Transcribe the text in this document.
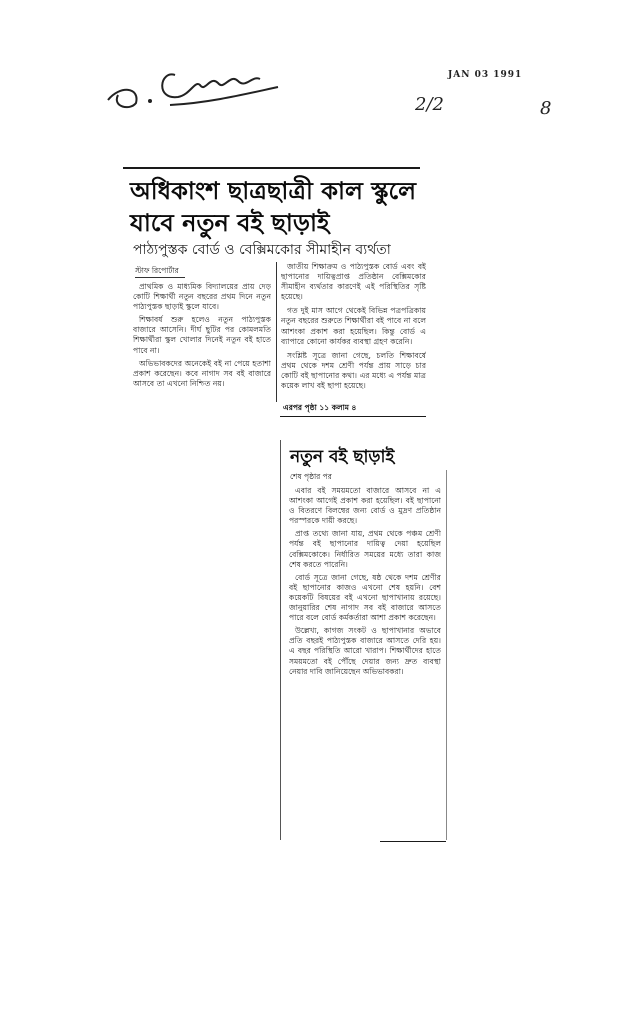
JAN 03 1991
2/2	8
অধিকাংশ ছাত্রছাত্রী কাল স্কুলে
যাবে নতুন বই ছাড়াই
পাঠ্যপুস্তক বোর্ড ও বেক্সিমকোর সীমাহীন ব্যর্থতা
স্টাফ রিপোর্টার

প্রাথমিক ও মাধ্যমিক বিদ্যালয়ের প্রায় দেড় কোটি শিক্ষার্থী নতুন বছরের প্রথম দিনে নতুন পাঠ্যপুস্তক ছাড়াই স্কুলে যাবে।

শিক্ষাবর্ষ শুরু হলেও নতুন পাঠ্যপুস্তক বাজারে আসেনি। দীর্ঘ ছুটির পর কোমলমতি শিক্ষার্থীরা স্কুল খোলার দিনেই নতুন বই হাতে পাবে না।

অভিভাবকদের অনেকেই বই না পেয়ে হতাশা প্রকাশ করেছেন। কবে নাগাদ সব বই বাজারে আসবে তা এখনো নিশ্চিত নয়।

জাতীয় শিক্ষাক্রম ও পাঠ্যপুস্তক বোর্ড এবং বই ছাপানোর দায়িত্বপ্রাপ্ত প্রতিষ্ঠান বেক্সিমকোর সীমাহীন ব্যর্থতার কারণেই এই পরিস্থিতির সৃষ্টি হয়েছে।

গত দুই মাস আগে থেকেই বিভিন্ন পত্রপত্রিকায় নতুন বছরের শুরুতে শিক্ষার্থীরা বই পাবে না বলে আশংকা প্রকাশ করা হয়েছিল। কিন্তু বোর্ড এ ব্যাপারে কোনো কার্যকর ব্যবস্থা গ্রহণ করেনি।

সংশ্লিষ্ট সূত্রে জানা গেছে, চলতি শিক্ষাবর্ষে প্রথম থেকে দশম শ্রেণী পর্যন্ত প্রায় সাড়ে চার কোটি বই ছাপানোর কথা। এর মধ্যে এ পর্যন্ত মাত্র কয়েক লাখ বই ছাপা হয়েছে।

এরপর পৃষ্ঠা ১১ কলাম ৪
নতুন বই ছাড়াই
শেষ পৃষ্ঠার পর

এবার বই সময়মতো বাজারে আসবে না এ আশংকা আগেই প্রকাশ করা হয়েছিল। বই ছাপানো ও বিতরণে বিলম্বের জন্য বোর্ড ও মুদ্রণ প্রতিষ্ঠান পরস্পরকে দায়ী করছে।

প্রাপ্ত তথ্যে জানা যায়, প্রথম থেকে পঞ্চম শ্রেণী পর্যন্ত বই ছাপানোর দায়িত্ব দেয়া হয়েছিল বেক্সিমকোকে। নির্ধারিত সময়ের মধ্যে তারা কাজ শেষ করতে পারেনি।

বোর্ড সূত্রে জানা গেছে, ষষ্ঠ থেকে দশম শ্রেণীর বই ছাপানোর কাজও এখনো শেষ হয়নি। বেশ কয়েকটি বিষয়ের বই এখনো ছাপাখানায় রয়েছে। জানুয়ারির শেষ নাগাদ সব বই বাজারে আসতে পারে বলে বোর্ড কর্মকর্তারা আশা প্রকাশ করেছেন।

উল্লেখ্য, কাগজ সংকট ও ছাপাখানার অভাবে প্রতি বছরই পাঠ্যপুস্তক বাজারে আসতে দেরি হয়। এ বছর পরিস্থিতি আরো খারাপ। শিক্ষার্থীদের হাতে সময়মতো বই পৌঁছে দেয়ার জন্য দ্রুত ব্যবস্থা নেয়ার দাবি জানিয়েছেন অভিভাবকরা।
